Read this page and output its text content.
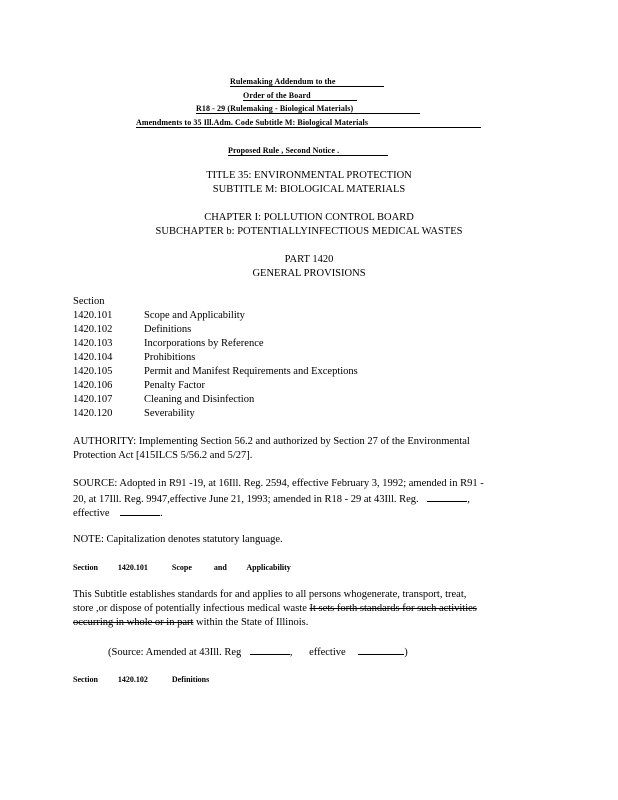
Rulemaking Addendum to the
Order of the Board
R18 - 29 (Rulemaking - Biological Materials)
Amendments to 35 Ill.Adm. Code Subtitle M: Biological Materials
Proposed Rule , Second Notice .
TITLE 35: ENVIRONMENTAL PROTECTION
SUBTITLE M: BIOLOGICAL MATERIALS
CHAPTER I: POLLUTION CONTROL BOARD
SUBCHAPTER b: POTENTIALLYINFECTIOUS MEDICAL WASTES
PART 1420
GENERAL PROVISIONS
Section
1420.101	Scope and Applicability
1420.102	Definitions
1420.103	Incorporations by Reference
1420.104	Prohibitions
1420.105	Permit and Manifest Requirements and Exceptions
1420.106	Penalty Factor
1420.107	Cleaning and Disinfection
1420.120	Severability
AUTHORITY: Implementing Section 56.2 and authorized by Section 27 of the Environmental
Protection Act [415ILCS 5/56.2 and 5/27].
SOURCE: Adopted in R91 -19, at 16Ill. Reg. 2594, effective February 3, 1992; amended in R91 -
20, at 17Ill. Reg. 9947,effective June 21, 1993; amended in R18 - 29 at 43Ill. Reg.	,
effective	.
NOTE: Capitalization denotes statutory language.
Section          1420.101            Scope           and          Applicability
This Subtitle establishes standards for and applies to all persons whogenerate, transport, treat,
store ,or dispose of potentially infectious medical waste It sets forth standards for such activities
occurring in whole or in part within the State of Illinois.
(Source: Amended at 43Ill. Reg	, effective	)
Section          1420.102            Definitions
